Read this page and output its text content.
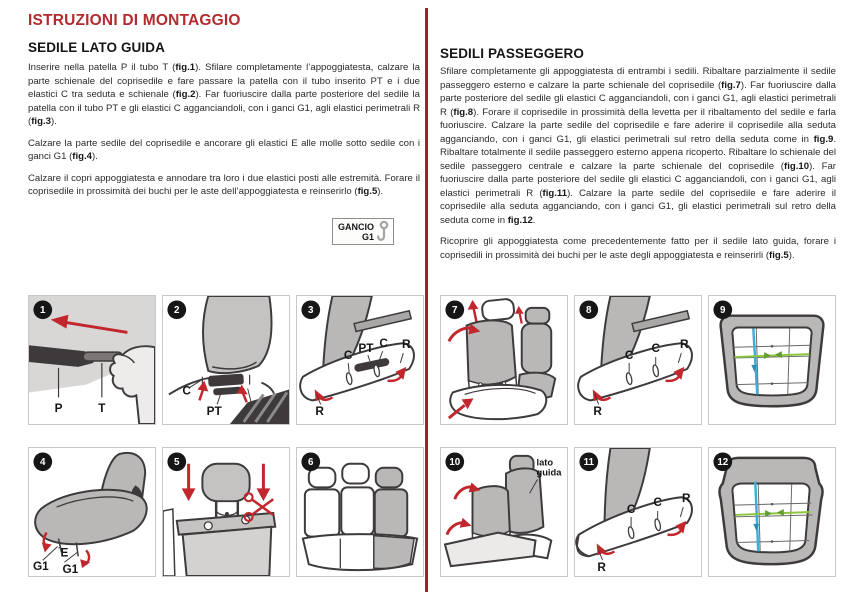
ISTRUZIONI DI MONTAGGIO
SEDILE LATO GUIDA

Inserire nella patella P il tubo T (fig.1). Sfilare completamente l’appoggiatesta, calzare la parte schienale del coprisedile e fare passare la patella con il tubo inserito PT e i due elastici C tra seduta e schienale (fig.2). Far fuoriuscire dalla parte posteriore del sedile la patella con il tubo PT e gli elastici C agganciandoli, con i ganci G1, agli elastici perimetrali R (fig.3).

Calzare la parte sedile del coprisedile e ancorare gli elastici E alle molle sotto sedile con i ganci G1 (fig.4).

Calzare il copri appoggiatesta e annodare tra loro i due elastici posti alle estremità. Forare il coprisedile in prossimità dei buchi per le aste dell’appoggiatesta e reinserirlo (fig.5).

GANCIO
G1
SEDILI PASSEGGERO

Sfilare completamente gli appoggiatesta di entrambi i sedili. Ribaltare parzialmente il sedile passeggero esterno e calzare la parte schienale del coprisedile (fig.7). Far fuoriuscire dalla parte posteriore del sedile gli elastici C agganciandoli, con i ganci G1, agli elastici perimetrali R (fig.8). Forare il coprisedile in prossimità della levetta per il ribaltamento del sedile e farla fuoriuscire. Calzare la parte sedile del coprisedile e fare aderire il coprisedile alla seduta agganciando, con i ganci G1, gli elastici perimetrali sul retro della seduta come in fig.9. Ribaltare totalmente il sedile passeggero esterno appena ricoperto. Ribaltare lo schienale del sedile passeggero centrale e calzare la parte schienale del coprisedile (fig.10). Far fuoriuscire dalla parte posteriore del sedile gli elastici C agganciandoli, con i ganci G1, agli elastici perimetrali R (fig.11). Calzare la parte sedile del coprisedile e fare aderire il coprisedile alla seduta agganciando, con i ganci G1, gli elastici perimetrali sul retro della seduta come in fig.12.

Ricoprire gli appoggiatesta come precedentemente fatto per il sedile lato guida, forare i coprisedili in prossimità dei buchi per le aste degli appoggiatesta e reinserirli (fig.5).

P	T
1
C
PT
2
C PT C R
R
3
G1
E
G1
4	5	6
7
C C R
R
8	9
lato
guida
10
C C R
R
11	12
